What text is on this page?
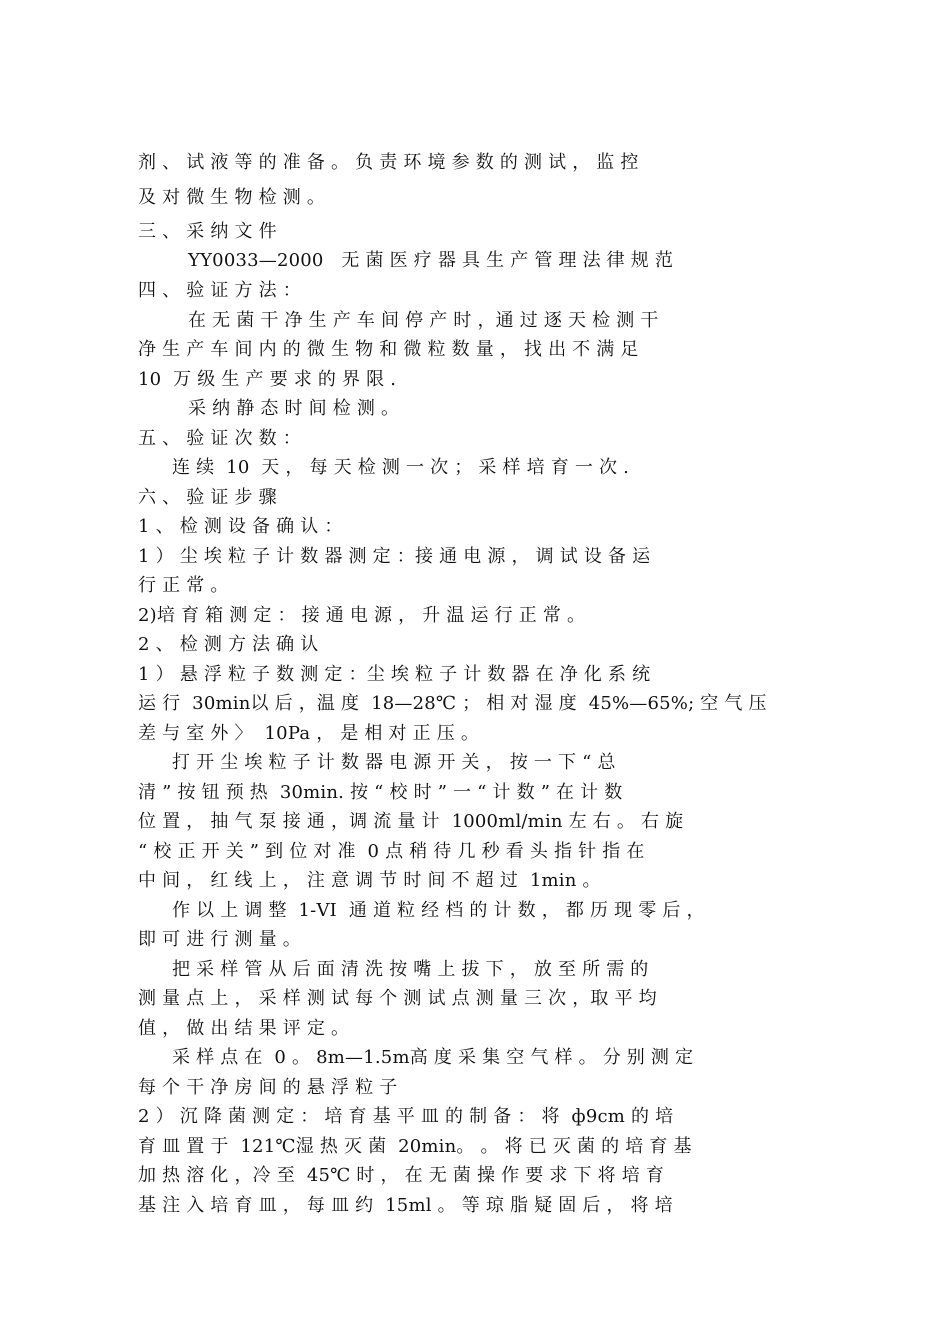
剂 、 试 液 等 的 准 备 。 负 责 环 境 参 数 的 测 试 ， 监 控
及 对 微 生 物 检 测 。
三 、 采 纳 文 件
YY0033—2000   无 菌 医 疗 器 具 生 产 管 理 法 律 规 范
四 、 验 证 方 法 ：
在 无 菌 干 净 生 产 车 间 停 产 时 ，通 过 逐 天 检 测 干
净 生 产 车 间 内 的 微 生 物 和 微 粒 数 量 ， 找 出 不 满 足
10  万 级 生 产 要 求 的 界 限 .
采 纳 静 态 时 间 检 测 。
五 、 验 证 次 数 ：
连 续  10  天 ， 每 天 检 测 一 次 ； 采 样 培 育 一 次 .
六 、 验 证 步 骤
1 、 检 测 设 备 确 认 ：
1 ） 尘 埃 粒 子 计 数 器 测 定 ：接 通 电 源 ， 调 试 设 备 运
行 正 常 。
2)培 育 箱 测 定 ： 接 通 电 源 ， 升 温 运 行 正 常 。
2 、 检 测 方 法 确 认
1 ） 悬 浮 粒 子 数 测 定 ：尘 埃 粒 子 计 数 器 在 净 化 系 统
运 行  30min以 后 ，温 度  18—28℃ ； 相 对 湿 度  45%—65%; 空 气 压
差 与 室 外 〉  10Pa ， 是 相 对 正 压 。
打 开 尘 埃 粒 子 计 数 器 电 源 开 关 ， 按 一 下 “ 总
清 ” 按 钮 预 热  30min. 按 “ 校 时 ” 一 “ 计 数 ” 在 计 数
位 置 ， 抽 气 泵 接 通 ，调 流 量 计  1000ml/min 左 右 。 右 旋
“ 校 正 开 关 ” 到 位 对 准  0 点 稍 待 几 秒 看 头 指 针 指 在
中 间 ， 红 线 上 ， 注 意 调 节 时 间 不 超 过  1min 。
作 以 上 调 整  1-VI  通 道 粒 经 档 的 计 数 ， 都 历 现 零 后 ，
即 可 进 行 测 量 。
把 采 样 管 从 后 面 清 洗 按 嘴 上 拔 下 ， 放 至 所 需 的
测 量 点 上 ， 采 样 测 试 每 个 测 试 点 测 量 三 次 ，取 平 均
值 ， 做 出 结 果 评 定 。
采 样 点 在  0 。 8m—1.5m高 度 采 集 空 气 样 。 分 别 测 定
每 个 干 净 房 间 的 悬 浮 粒 子
2 ） 沉 降 菌 测 定 ： 培 育 基 平 皿 的 制 备 ： 将  ф9cm 的 培
育 皿 置 于  121℃湿 热 灭 菌  20min。 。 将 已 灭 菌 的 培 育 基
加 热 溶 化 ，冷 至  45℃ 时 ， 在 无 菌 操 作 要 求 下 将 培 育
基 注 入 培 育 皿 ， 每 皿 约  15ml 。 等 琼 脂 疑 固 后 ， 将 培
